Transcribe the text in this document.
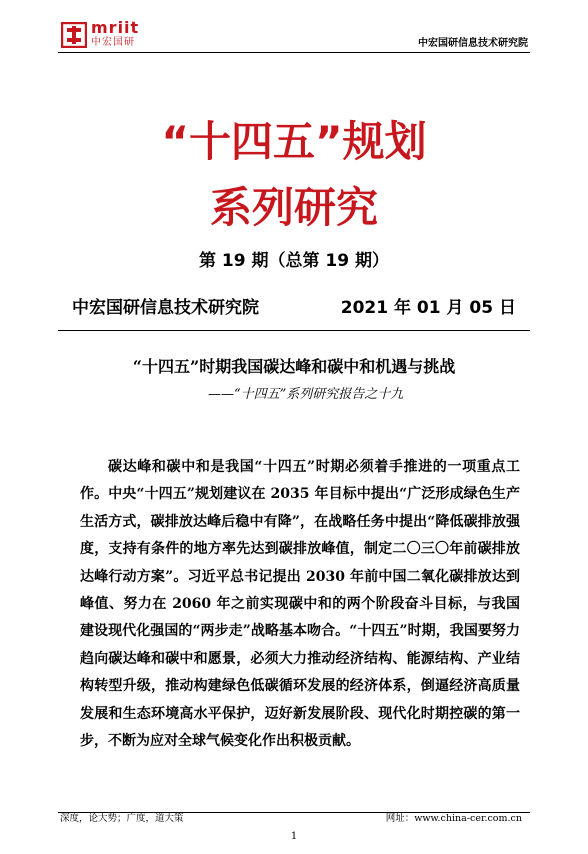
mriit
中宏国研	中宏国研信息技术研究院
“十四五”规划
系列研究
第 19 期（总第 19 期）
中宏国研信息技术研究院	2021 年 01 月 05 日
“十四五”时期我国碳达峰和碳中和机遇与挑战
——“十四五”系列研究报告之十九
碳达峰和碳中和是我国“十四五”时期必须着手推进的一项重点工作。中央“十四五”规划建议在 2035 年目标中提出“广泛形成绿色生产生活方式，碳排放达峰后稳中有降”，在战略任务中提出“降低碳排放强度，支持有条件的地方率先达到碳排放峰值，制定二〇三〇年前碳排放达峰行动方案”。习近平总书记提出 2030 年前中国二氧化碳排放达到峰值、努力在 2060 年之前实现碳中和的两个阶段奋斗目标，与我国建设现代化强国的“两步走”战略基本吻合。“十四五”时期，我国要努力趋向碳达峰和碳中和愿景，必须大力推动经济结构、能源结构、产业结构转型升级，推动构建绿色低碳循环发展的经济体系，倒逼经济高质量发展和生态环境高水平保护，迈好新发展阶段、现代化时期控碳的第一步，不断为应对全球气候变化作出积极贡献。
深度，论大势；广度，道大策	网址：www.china-cer.com.cn
1
